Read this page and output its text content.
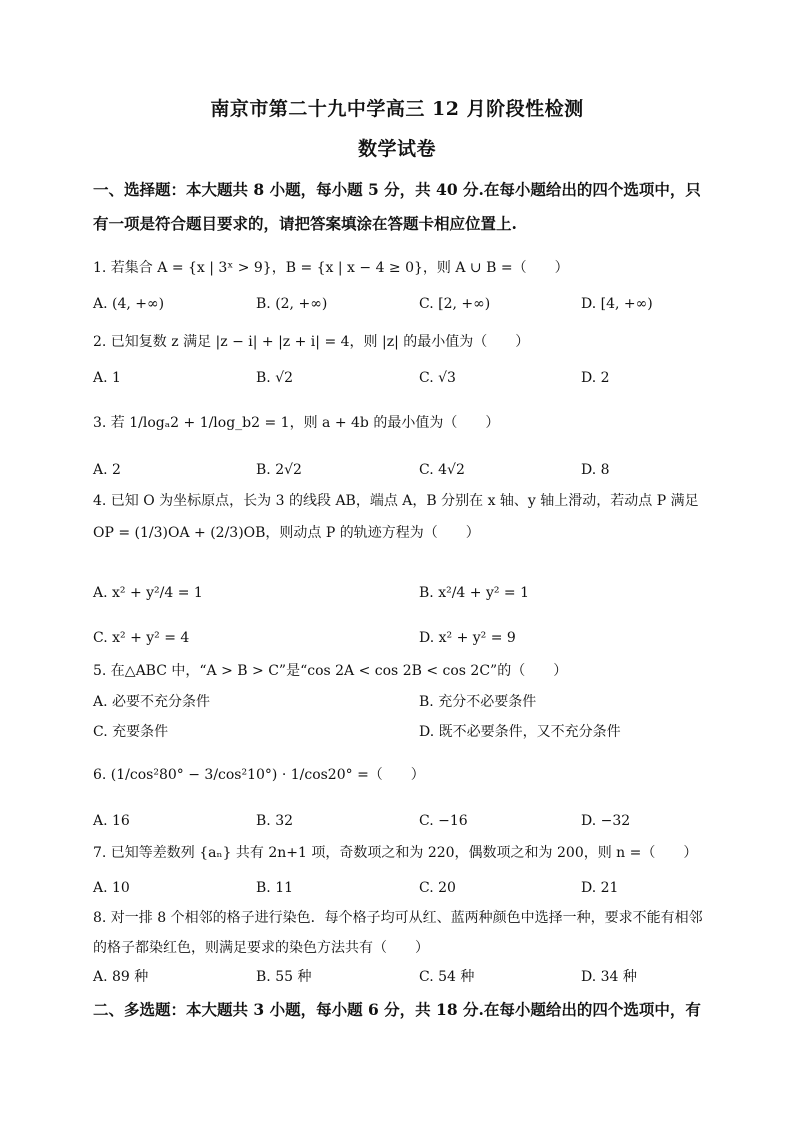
南京市第二十九中学高三 12 月阶段性检测
数学试卷
一、选择题：本大题共 8 小题，每小题 5 分，共 40 分.在每小题给出的四个选项中，只有一项是符合题目要求的，请把答案填涂在答题卡相应位置上.
1. 若集合 A = {x | 3ˣ > 9}，B = {x | x − 4 ≥ 0}，则 A ∪ B =（　　）
A. (4, +∞)	B. (2, +∞)	C. [2, +∞)	D. [4, +∞)
2. 已知复数 z 满足 |z − i| + |z + i| = 4，则 |z| 的最小值为（　　）
A. 1	B. √2	C. √3	D. 2
3. 若 1/logₐ2 + 1/log_b2 = 1，则 a + 4b 的最小值为（　　）
A. 2	B. 2√2	C. 4√2	D. 8
4. 已知 O 为坐标原点，长为 3 的线段 AB，端点 A，B 分别在 x 轴、y 轴上滑动，若动点 P 满足 OP = (1/3)OA + (2/3)OB，则动点 P 的轨迹方程为（　　）
A. x² + y²/4 = 1	B. x²/4 + y² = 1
C. x² + y² = 4	D. x² + y² = 9
5. 在△ABC 中，“A > B > C”是“cos 2A < cos 2B < cos 2C”的（　　）
A. 必要不充分条件	B. 充分不必要条件
C. 充要条件	D. 既不必要条件，又不充分条件
6. (1/cos²80° − 3/cos²10°) · 1/cos20° =（　　）
A. 16	B. 32	C. −16	D. −32
7. 已知等差数列 {aₙ} 共有 2n+1 项，奇数项之和为 220，偶数项之和为 200，则 n =（　　）
A. 10	B. 11	C. 20	D. 21
8. 对一排 8 个相邻的格子进行染色．每个格子均可从红、蓝两种颜色中选择一种，要求不能有相邻的格子都染红色，则满足要求的染色方法共有（　　）
A. 89 种	B. 55 种	C. 54 种	D. 34 种
二、多选题：本大题共 3 小题，每小题 6 分，共 18 分.在每小题给出的四个选项中，有
